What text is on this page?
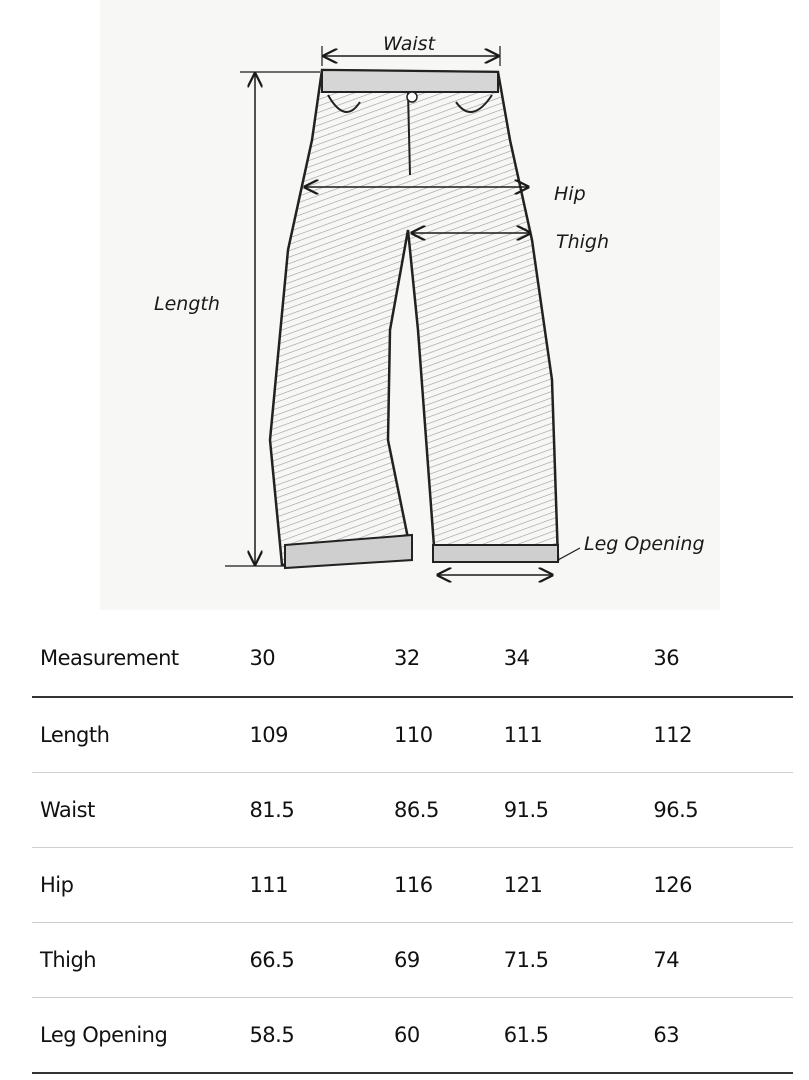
Waist
Hip
Thigh
Length
Leg Opening
Measurement	30	32	34	36
Length	109	110	111	112
Waist	81.5	86.5	91.5	96.5
Hip	111	116	121	126
Thigh	66.5	69	71.5	74
Leg Opening	58.5	60	61.5	63
